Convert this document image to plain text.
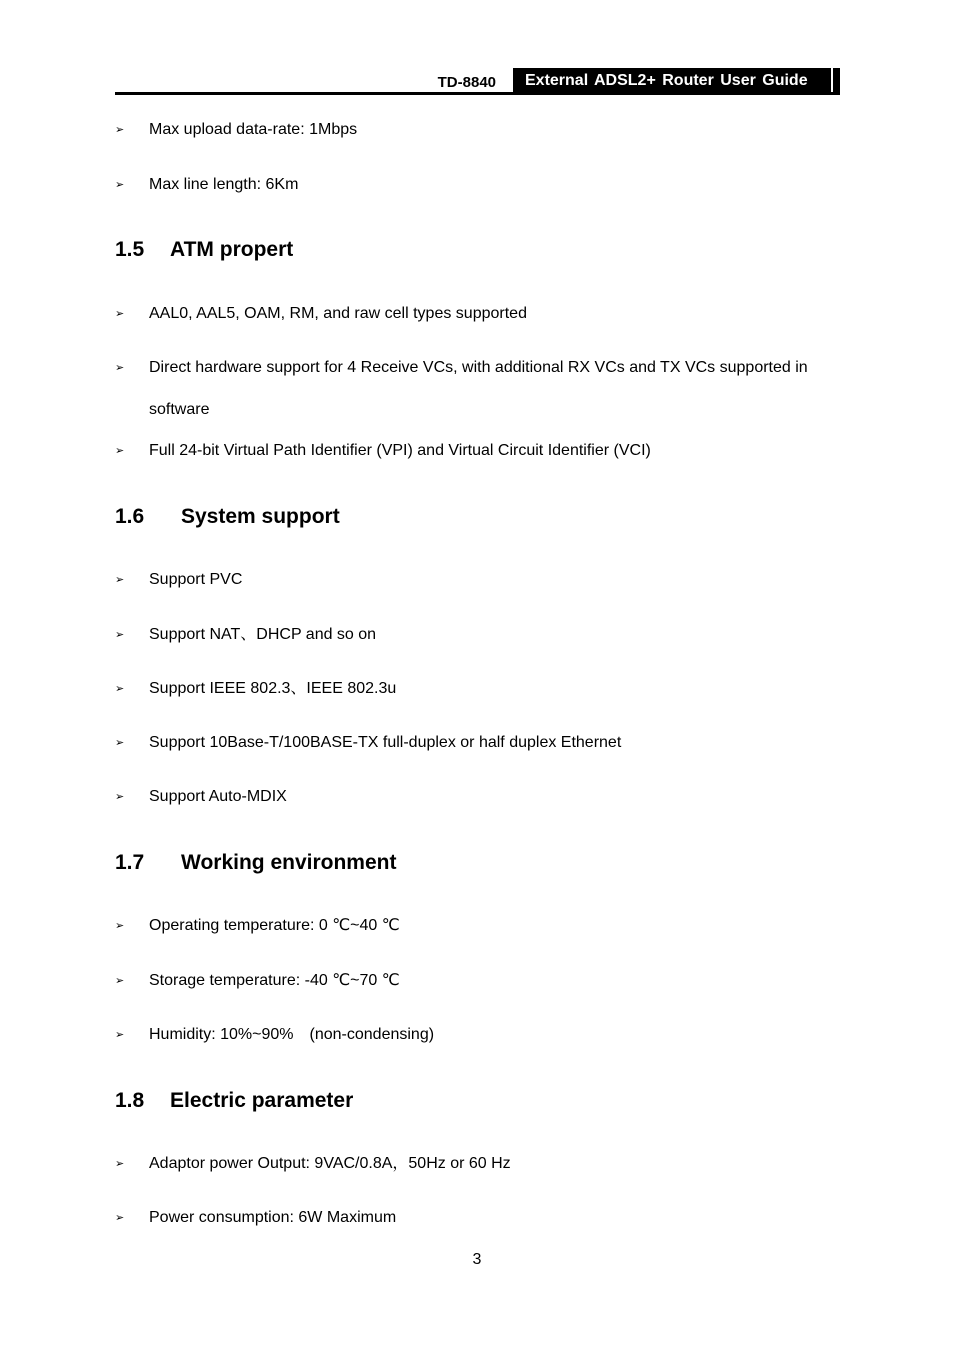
TD-8840	External ADSL2+ Router User Guide
➢ Max upload data-rate: 1Mbps
➢ Max line length: 6Km
1.5 ATM propert
➢ AAL0, AAL5, OAM, RM, and raw cell types supported
➢ Direct hardware support for 4 Receive VCs, with additional RX VCs and TX VCs supported in software
➢ Full 24-bit Virtual Path Identifier (VPI) and Virtual Circuit Identifier (VCI)
1.6 System support
➢ Support PVC
➢ Support NAT、DHCP and so on
➢ Support IEEE 802.3、IEEE 802.3u
➢ Support 10Base-T/100BASE-TX full-duplex or half duplex Ethernet
➢ Support Auto-MDIX
1.7 Working environment
➢ Operating temperature: 0 ℃~40 ℃
➢ Storage temperature: -40 ℃~70 ℃
➢ Humidity: 10%~90%　(non-condensing)
1.8 Electric parameter
➢ Adaptor power Output: 9VAC/0.8A，50Hz or 60 Hz
➢ Power consumption: 6W Maximum
3
